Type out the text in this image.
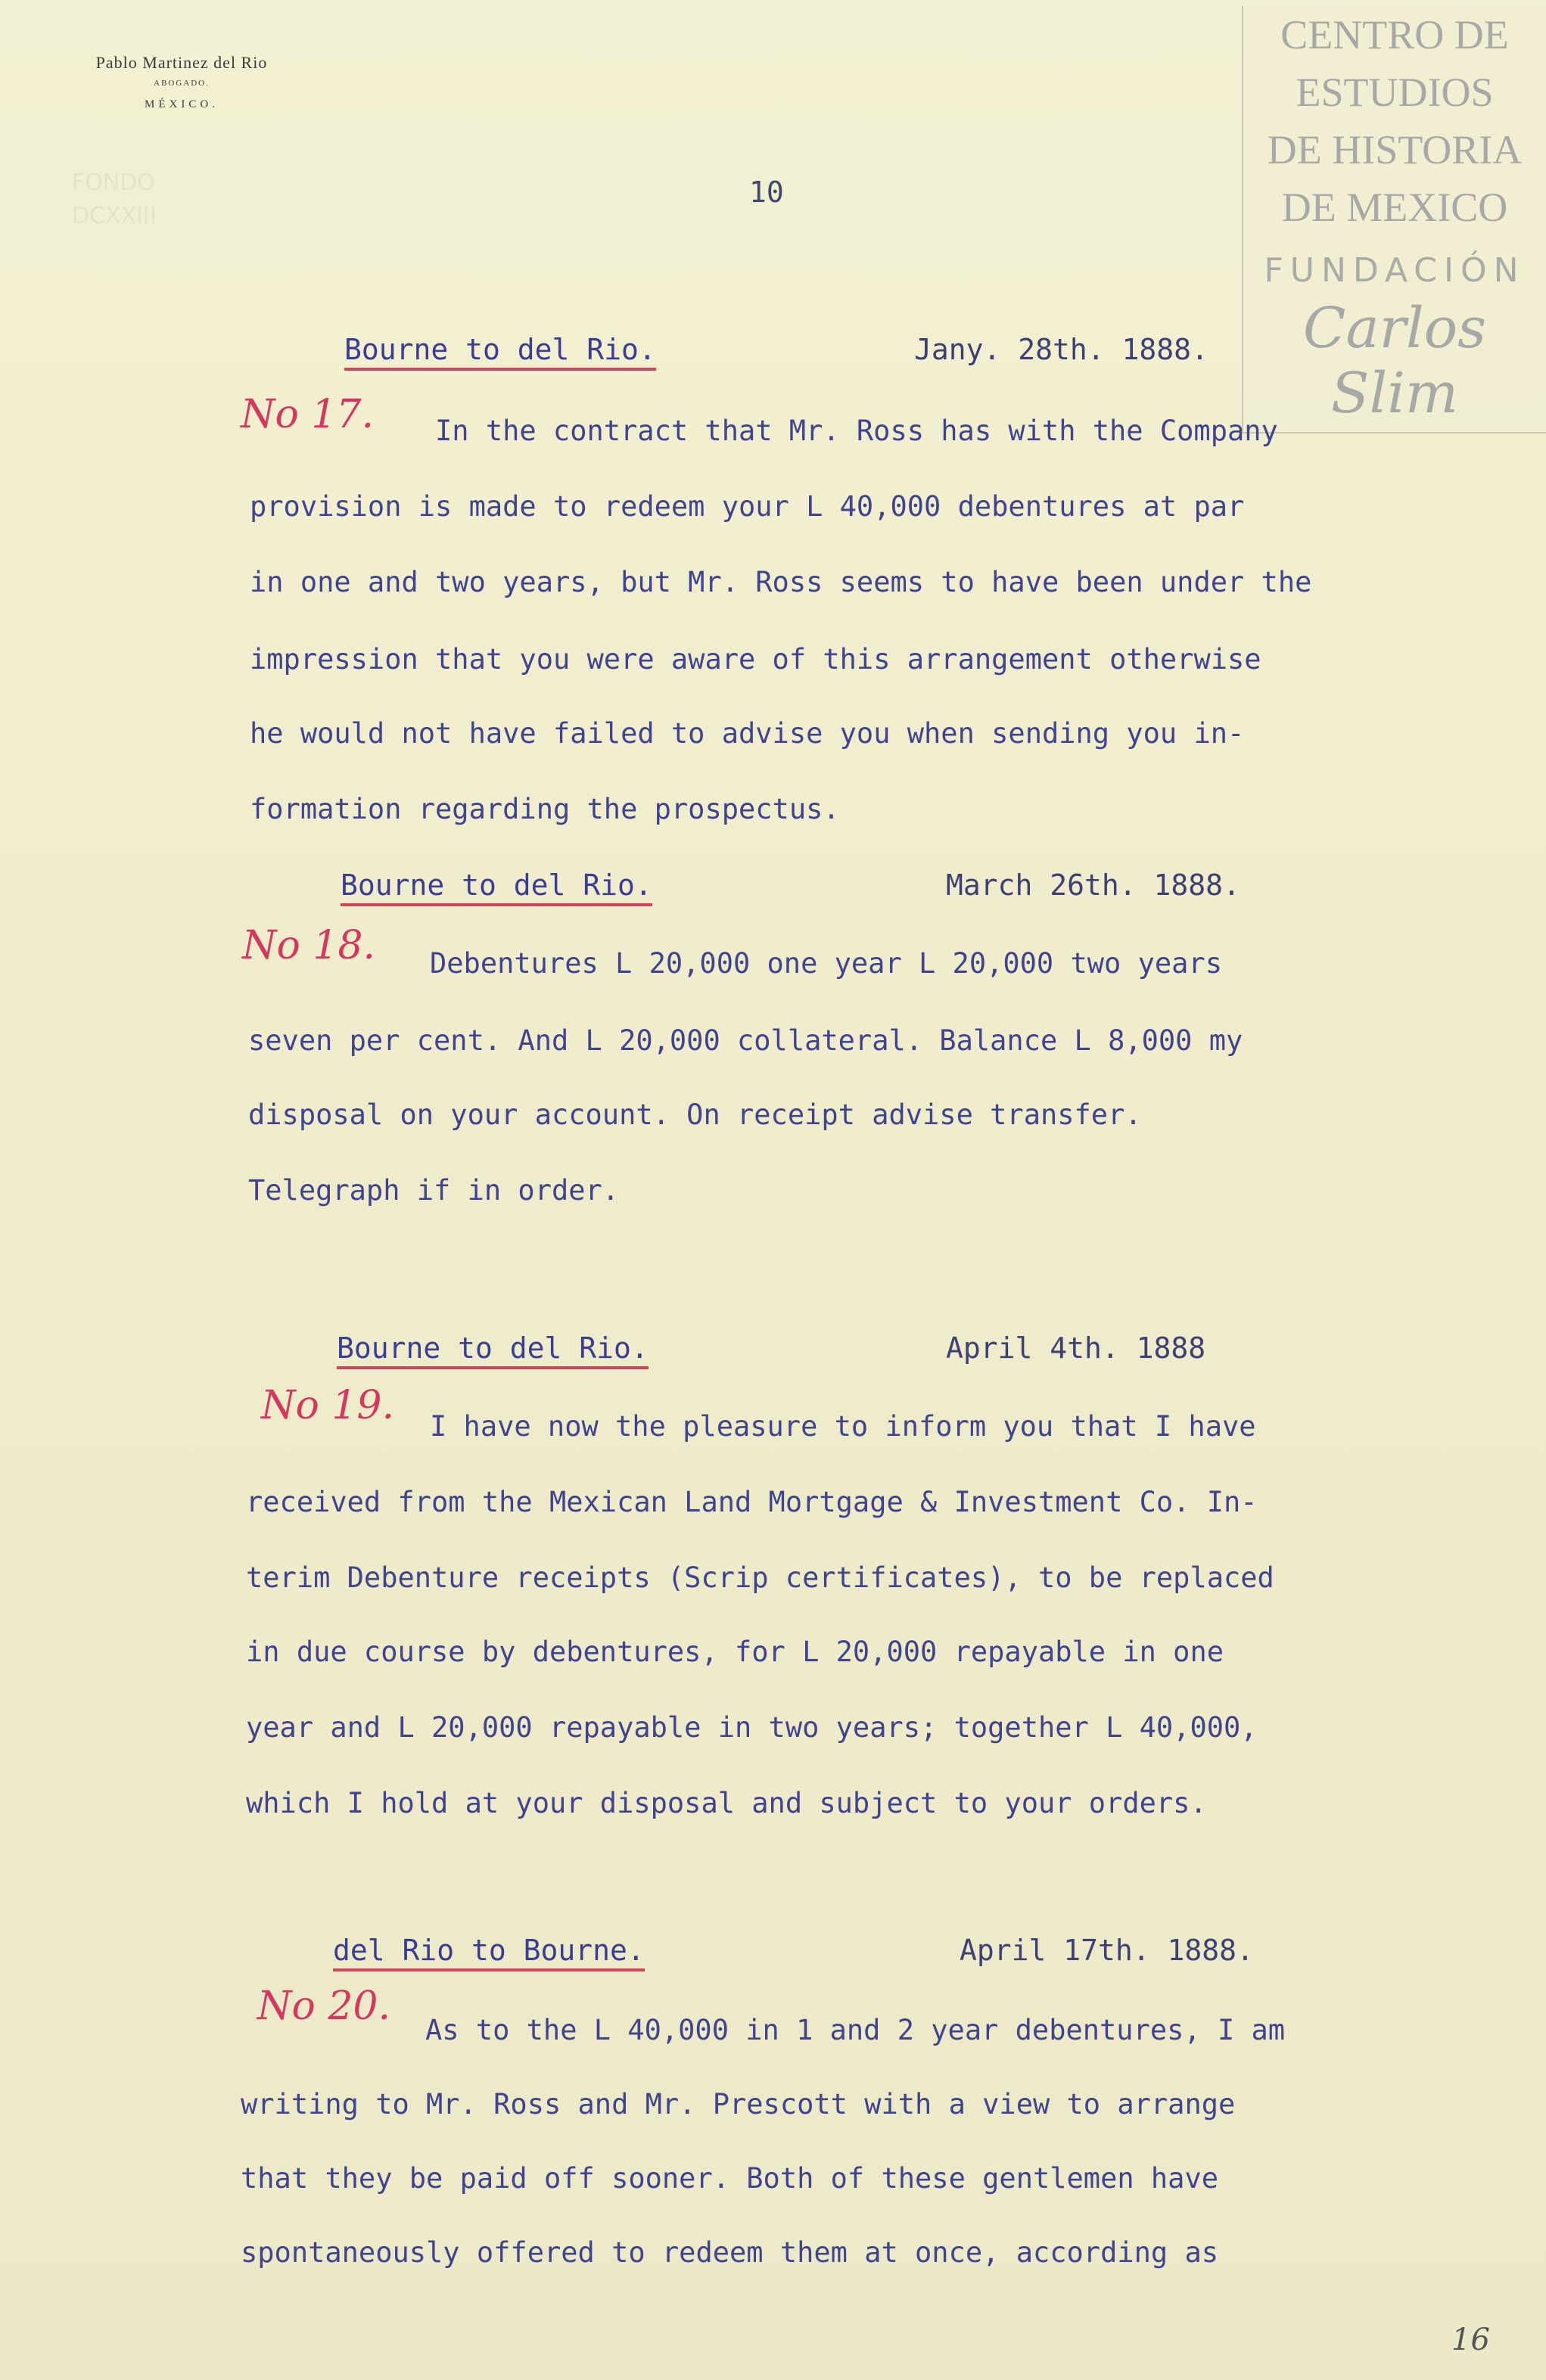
Pablo Martinez del Rio
ABOGADO.
MÉXICO.
FONDO
DCXXIII
CENTRO DE
ESTUDIOS
DE HISTORIA
DE MEXICO
FUNDACIÓN
Carlos Slim
10
Bourne to del Rio.	Jany. 28th. 1888.
No 17. In the contract that Mr. Ross has with the Company
provision is made to redeem your L 40,000 debentures at par
in one and two years, but Mr. Ross seems to have been under the
impression that you were aware of this arrangement otherwise
he would not have failed to advise you when sending you in-
formation regarding the prospectus.
Bourne to del Rio.	March 26th. 1888.
No 18. Debentures L 20,000 one year L 20,000 two years
seven per cent. And L 20,000 collateral. Balance L 8,000 my
disposal on your account. On receipt advise transfer.
Telegraph if in order.
Bourne to del Rio.	April 4th. 1888
No 19. I have now the pleasure to inform you that I have
received from the Mexican Land Mortgage & Investment Co. In-
terim Debenture receipts (Scrip certificates), to be replaced
in due course by debentures, for L 20,000 repayable in one
year and L 20,000 repayable in two years; together L 40,000,
which I hold at your disposal and subject to your orders.
del Rio to Bourne.	April 17th. 1888.
No 20.
As to the L 40,000 in 1 and 2 year debentures, I am
writing to Mr. Ross and Mr. Prescott with a view to arrange
that they be paid off sooner. Both of these gentlemen have
spontaneously offered to redeem them at once, according as
16
